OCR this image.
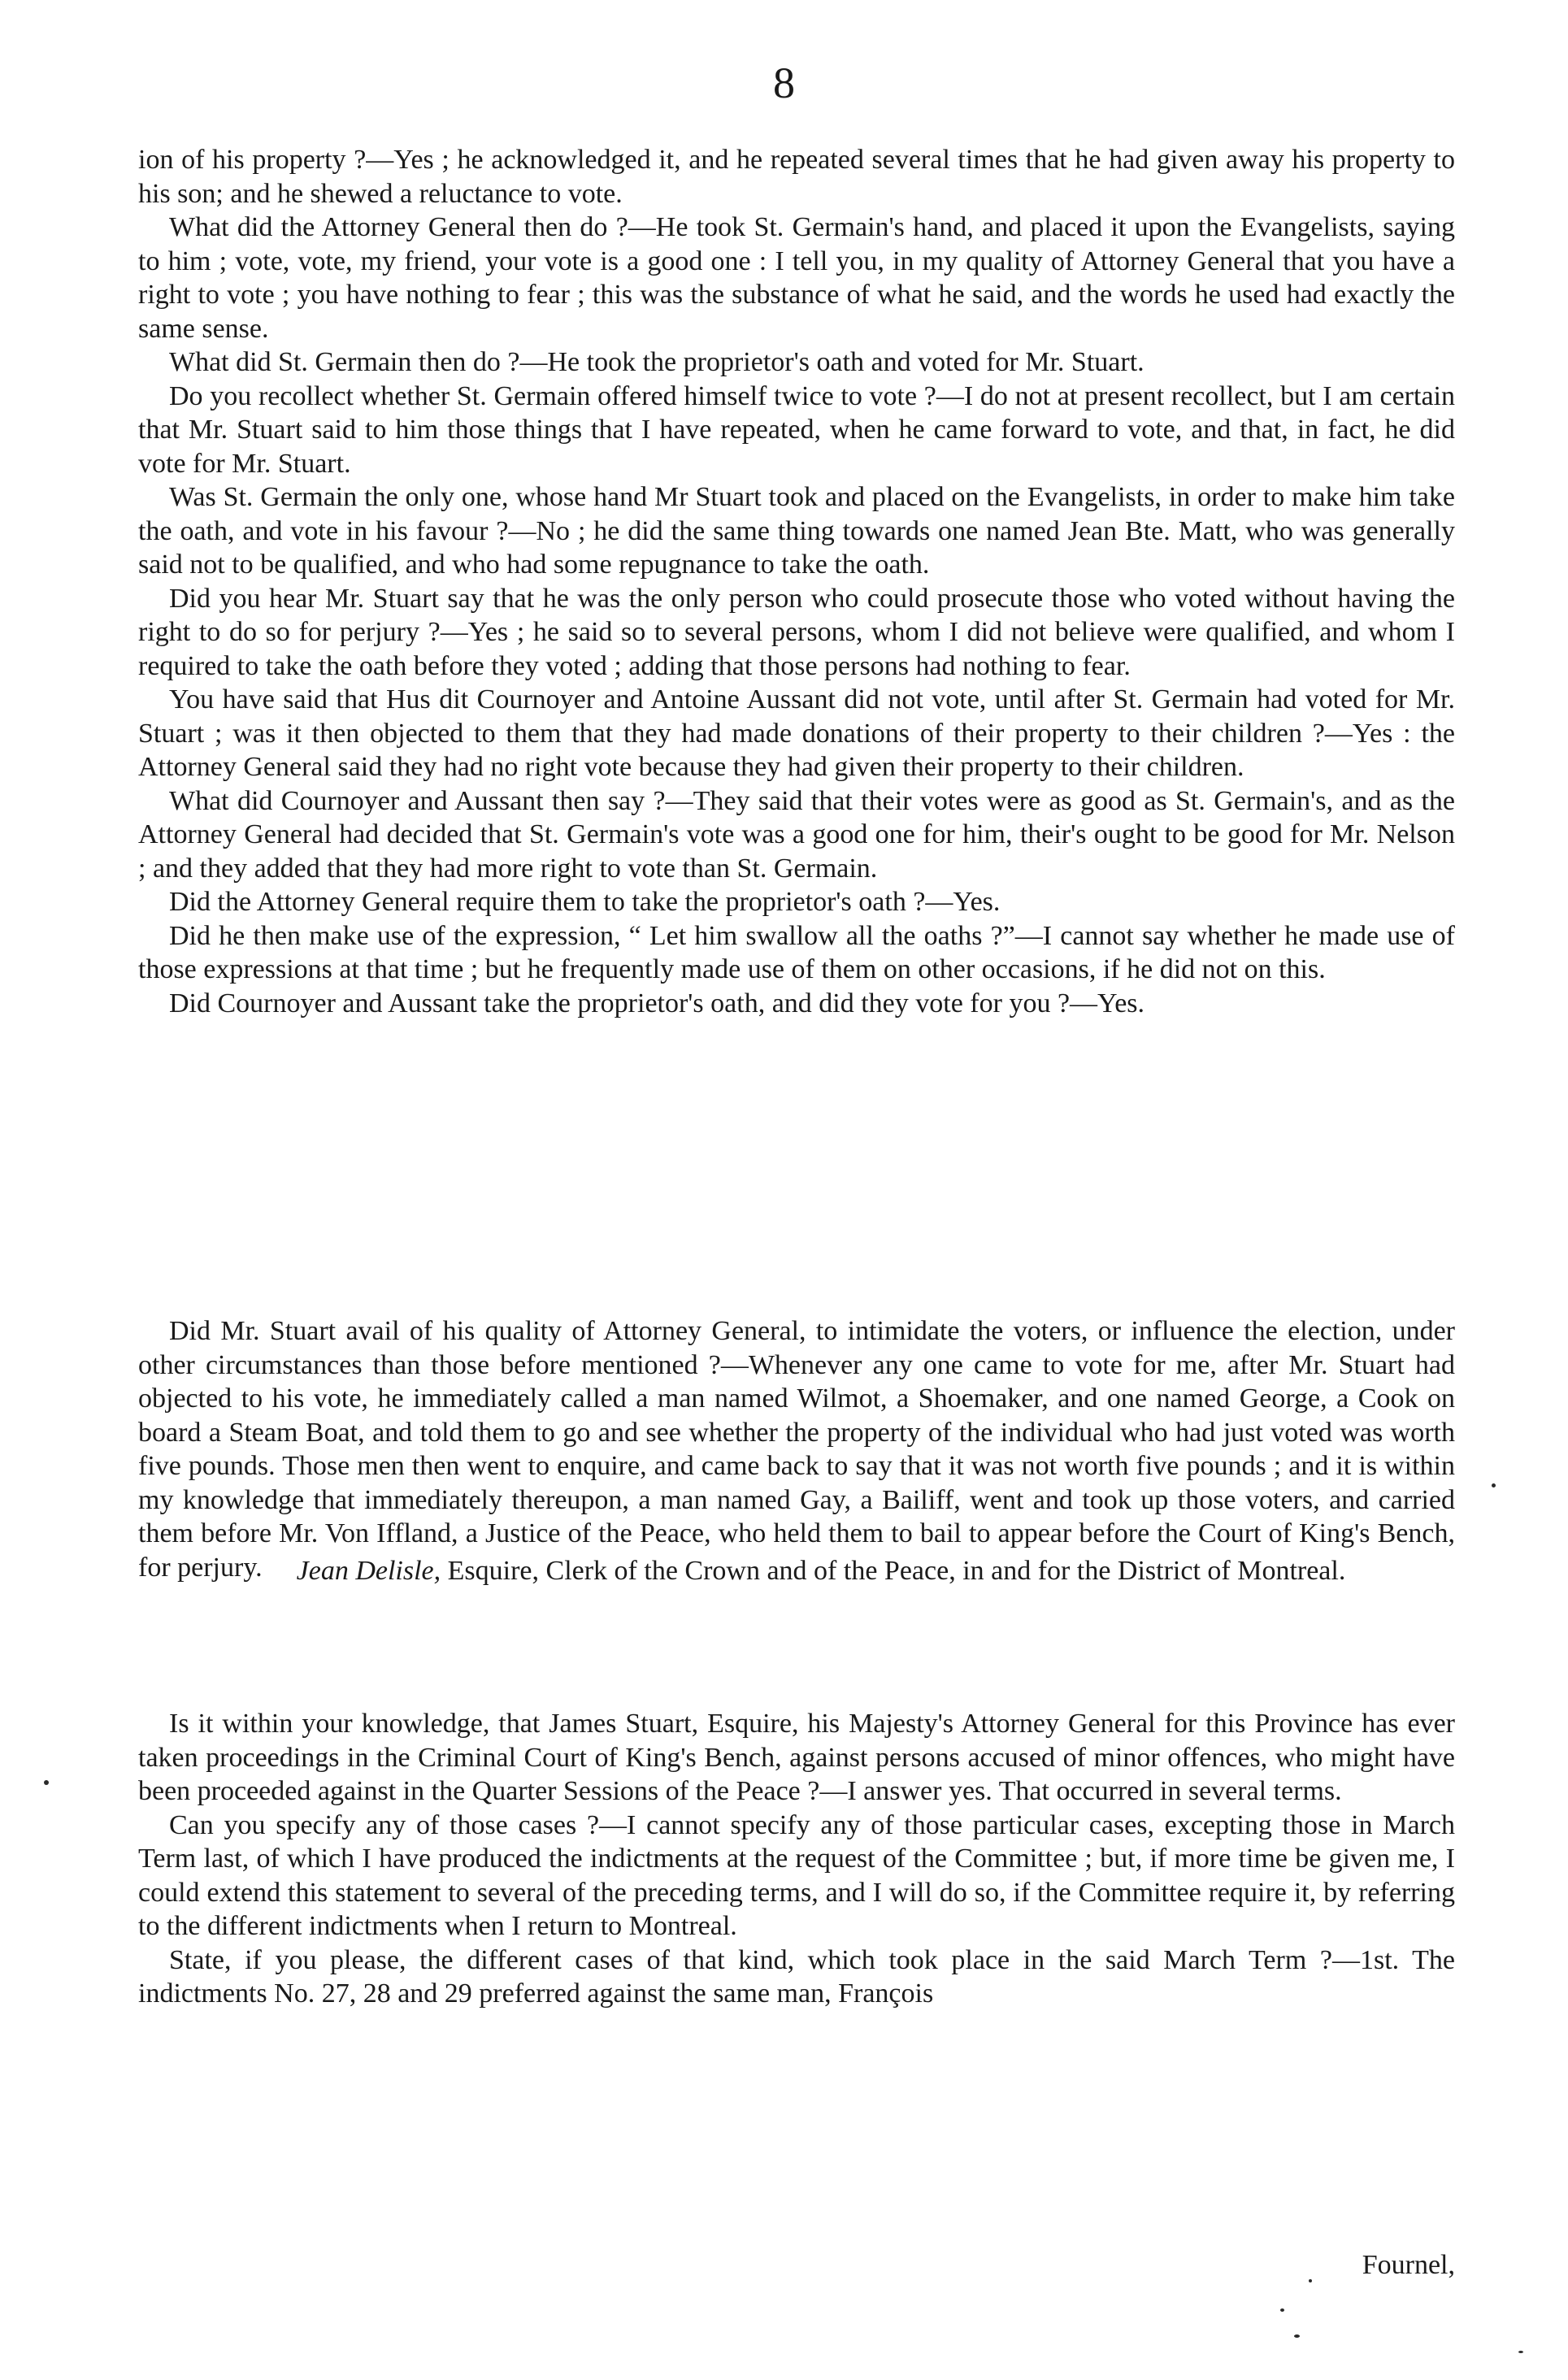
8

ion of his property ?—Yes ; he acknowledged it, and he repeated several times that he had given away his property to his son; and he shewed a reluctance to vote.

What did the Attorney General then do ?—He took St. Germain's hand, and placed it upon the Evangelists, saying to him ; vote, vote, my friend, your vote is a good one : I tell you, in my quality of Attorney General that you have a right to vote ; you have nothing to fear ; this was the substance of what he said, and the words he used had exactly the same sense.

What did St. Germain then do ?—He took the proprietor's oath and voted for Mr. Stuart.

Do you recollect whether St. Germain offered himself twice to vote ?—I do not at present recollect, but I am certain that Mr. Stuart said to him those things that I have repeated, when he came forward to vote, and that, in fact, he did vote for Mr. Stuart.

Was St. Germain the only one, whose hand Mr Stuart took and placed on the Evangelists, in order to make him take the oath, and vote in his favour ?—No ; he did the same thing towards one named Jean Bte. Matt, who was generally said not to be qualified, and who had some repugnance to take the oath.

Did you hear Mr. Stuart say that he was the only person who could prosecute those who voted without having the right to do so for perjury ?—Yes ; he said so to several persons, whom I did not believe were qualified, and whom I required to take the oath before they voted ; adding that those persons had nothing to fear.

You have said that Hus dit Cournoyer and Antoine Aussant did not vote, until after St. Germain had voted for Mr. Stuart ; was it then objected to them that they had made donations of their property to their children ?—Yes : the Attorney General said they had no right vote because they had given their property to their children.

What did Cournoyer and Aussant then say ?—They said that their votes were as good as St. Germain's, and as the Attorney General had decided that St. Germain's vote was a good one for him, their's ought to be good for Mr. Nelson ; and they added that they had more right to vote than St. Germain.

Did the Attorney General require them to take the proprietor's oath ?—Yes.

Did he then make use of the expression, “ Let him swallow all the oaths ?”—I cannot say whether he made use of those expressions at that time ; but he frequently made use of them on other occasions, if he did not on this.

Did Cournoyer and Aussant take the proprietor's oath, and did they vote for you ?—Yes.

Did Mr. Stuart avail of his quality of Attorney General, to intimidate the voters, or influence the election, under other circumstances than those before mentioned ?—Whenever any one came to vote for me, after Mr. Stuart had objected to his vote, he immediately called a man named Wilmot, a Shoemaker, and one named George, a Cook on board a Steam Boat, and told them to go and see whether the property of the individual who had just voted was worth five pounds. Those men then went to enquire, and came back to say that it was not worth five pounds ; and it is within my knowledge that immediately thereupon, a man named Gay, a Bailiff, went and took up those voters, and carried them before Mr. Von Iffland, a Justice of the Peace, who held them to bail to appear before the Court of King's Bench, for perjury.	Jean Delisle, Esquire, Clerk of the Crown and of the Peace, in and for the District of Montreal.

Is it within your knowledge, that James Stuart, Esquire, his Majesty's Attorney General for this Province has ever taken proceedings in the Criminal Court of King's Bench, against persons accused of minor offences, who might have been proceeded against in the Quarter Sessions of the Peace ?—I answer yes. That occurred in several terms.

Can you specify any of those cases ?—I cannot specify any of those particular cases, excepting those in March Term last, of which I have produced the indictments at the request of the Committee ; but, if more time be given me, I could extend this statement to several of the preceding terms, and I will do so, if the Committee require it, by referring to the different indictments when I return to Montreal.

State, if you please, the different cases of that kind, which took place in the said March Term ?—1st. The indictments No. 27, 28 and 29 preferred against the same man, François

Fournel,
